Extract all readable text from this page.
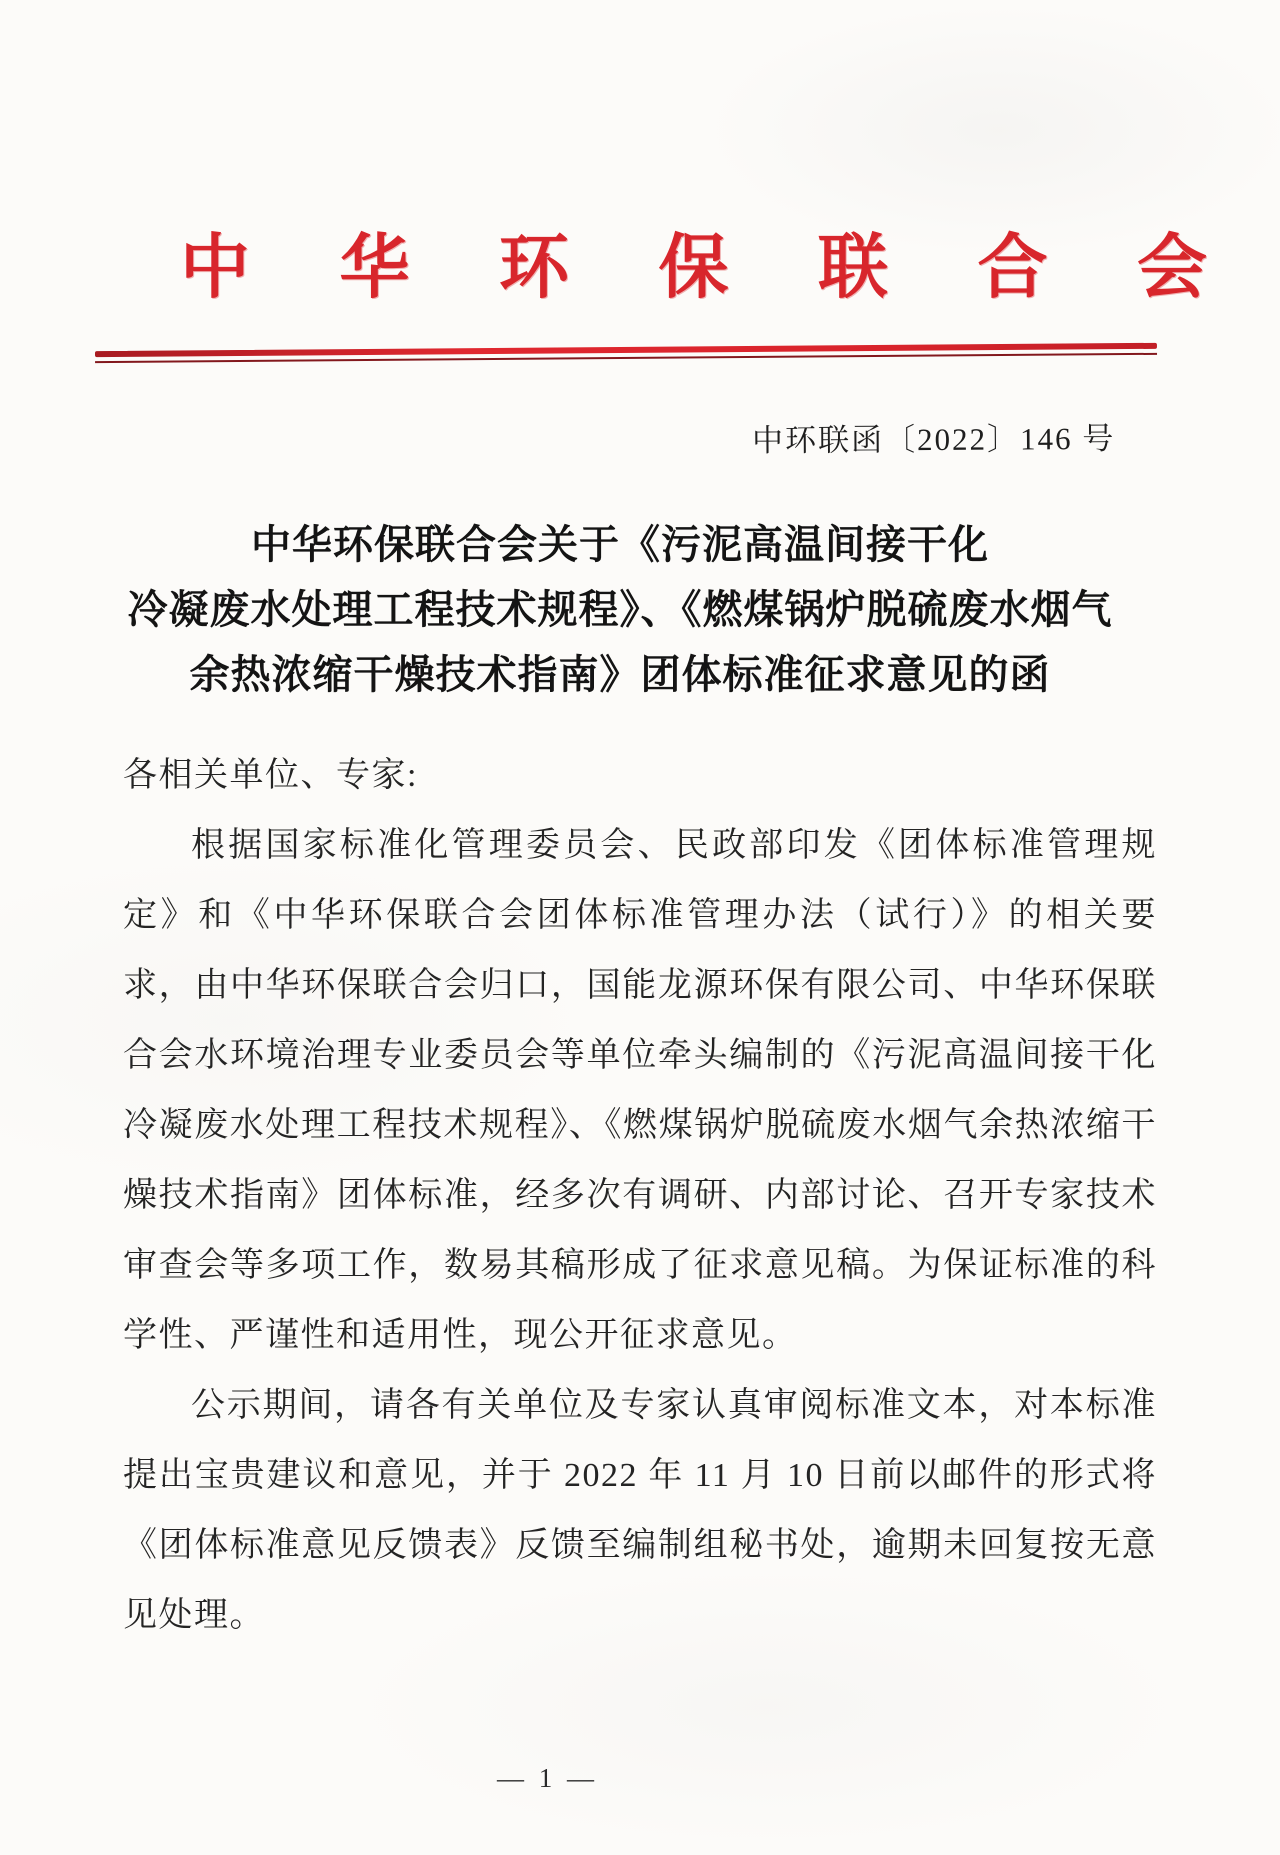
中 华 环 保 联 合 会
中环联函〔2022〕146 号
中华环保联合会关于《污泥高温间接干化
冷凝废水处理工程技术规程》、《燃煤锅炉脱硫废水烟气
余热浓缩干燥技术指南》团体标准征求意见的函
各相关单位、专家:

根据国家标准化管理委员会、民政部印发《团体标准管理规定》和《中华环保联合会团体标准管理办法（试行）》的相关要求，由中华环保联合会归口，国能龙源环保有限公司、中华环保联合会水环境治理专业委员会等单位牵头编制的《污泥高温间接干化冷凝废水处理工程技术规程》、《燃煤锅炉脱硫废水烟气余热浓缩干燥技术指南》团体标准，经多次有调研、内部讨论、召开专家技术审查会等多项工作，数易其稿形成了征求意见稿。为保证标准的科学性、严谨性和适用性，现公开征求意见。

公示期间，请各有关单位及专家认真审阅标准文本，对本标准提出宝贵建议和意见，并于 2022 年 11 月 10 日前以邮件的形式将《团体标准意见反馈表》反馈至编制组秘书处，逾期未回复按无意见处理。

— 1 —
